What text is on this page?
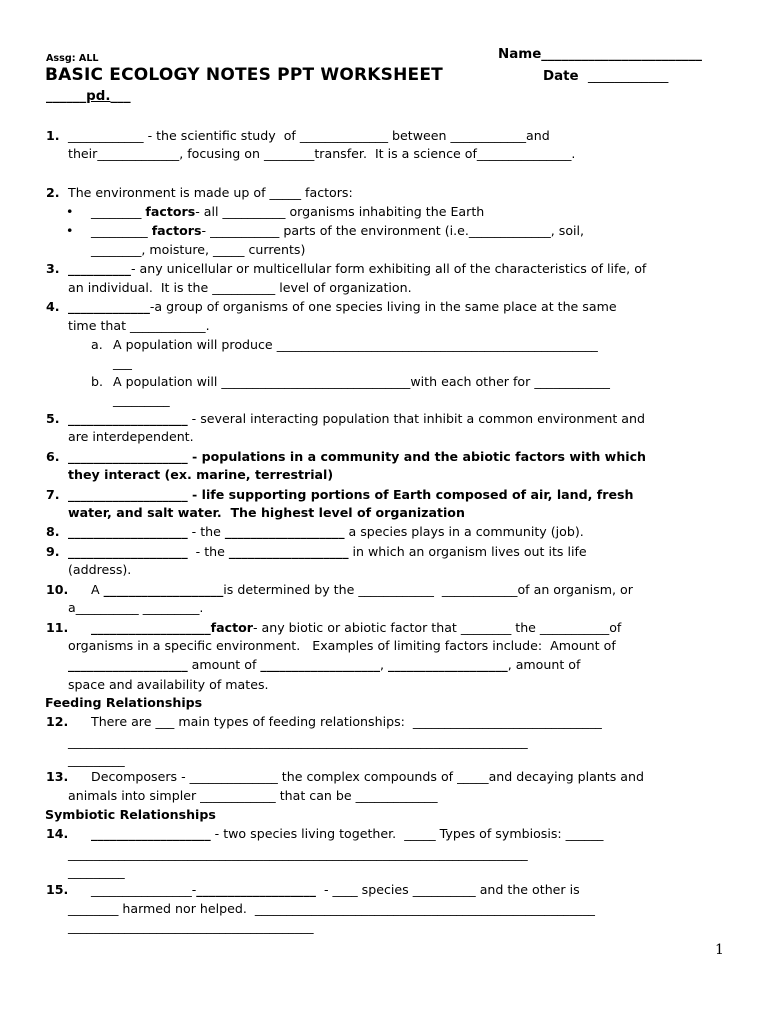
Assg: ALL	Name________________________
BASIC ECOLOGY NOTES PPT WORKSHEET	Date ____________
______pd.___
1. ____________ - the scientific study  of ______________ between ____________and
their_____________, focusing on ________transfer.  It is a science of_______________.
2. The environment is made up of _____ factors:
• ________ factors- all __________ organisms inhabiting the Earth
• _________ factors- ___________ parts of the environment (i.e._____________, soil,
________, moisture, _____ currents)
3. __________- any unicellular or multicellular form exhibiting all of the characteristics of life, of
an individual.  It is the __________ level of organization.
4. _____________-a group of organisms of one species living in the same place at the same
time that ____________.
a. A population will produce ___________________________________________________
___
b. A population will ______________________________with each other for ____________
_________
5. ___________________ - several interacting population that inhibit a common environment and
are interdependent.
6. ___________________ - populations in a community and the abiotic factors with which
they interact (ex. marine, terrestrial)
7. ___________________ - life supporting portions of Earth composed of air, land, fresh
water, and salt water.  The highest level of organization
8. ___________________ - the ___________________ a species plays in a community (job).
9. ___________________  - the ___________________ in which an organism lives out its life
(address).
10. A ___________________is determined by the ____________  ____________of an organism, or
a__________ _________.
11. ___________________factor- any biotic or abiotic factor that ________ the ___________of
organisms in a specific environment.   Examples of limiting factors include:  Amount of
___________________ amount of ___________________, ___________________, amount of
space and availability of mates.
Feeding Relationships
12. There are ___ main types of feeding relationships:  ______________________________
_________________________________________________________________________
_________
13. Decomposers - ______________ the complex compounds of _____and decaying plants and
animals into simpler ____________ that can be _____________
Symbiotic Relationships
14. ___________________ - two species living together.  _____ Types of symbiosis: ______
_________________________________________________________________________
_________
15. ________________-___________________  - ____ species __________ and the other is
________ harmed nor helped.  ______________________________________________________
_______________________________________
1
